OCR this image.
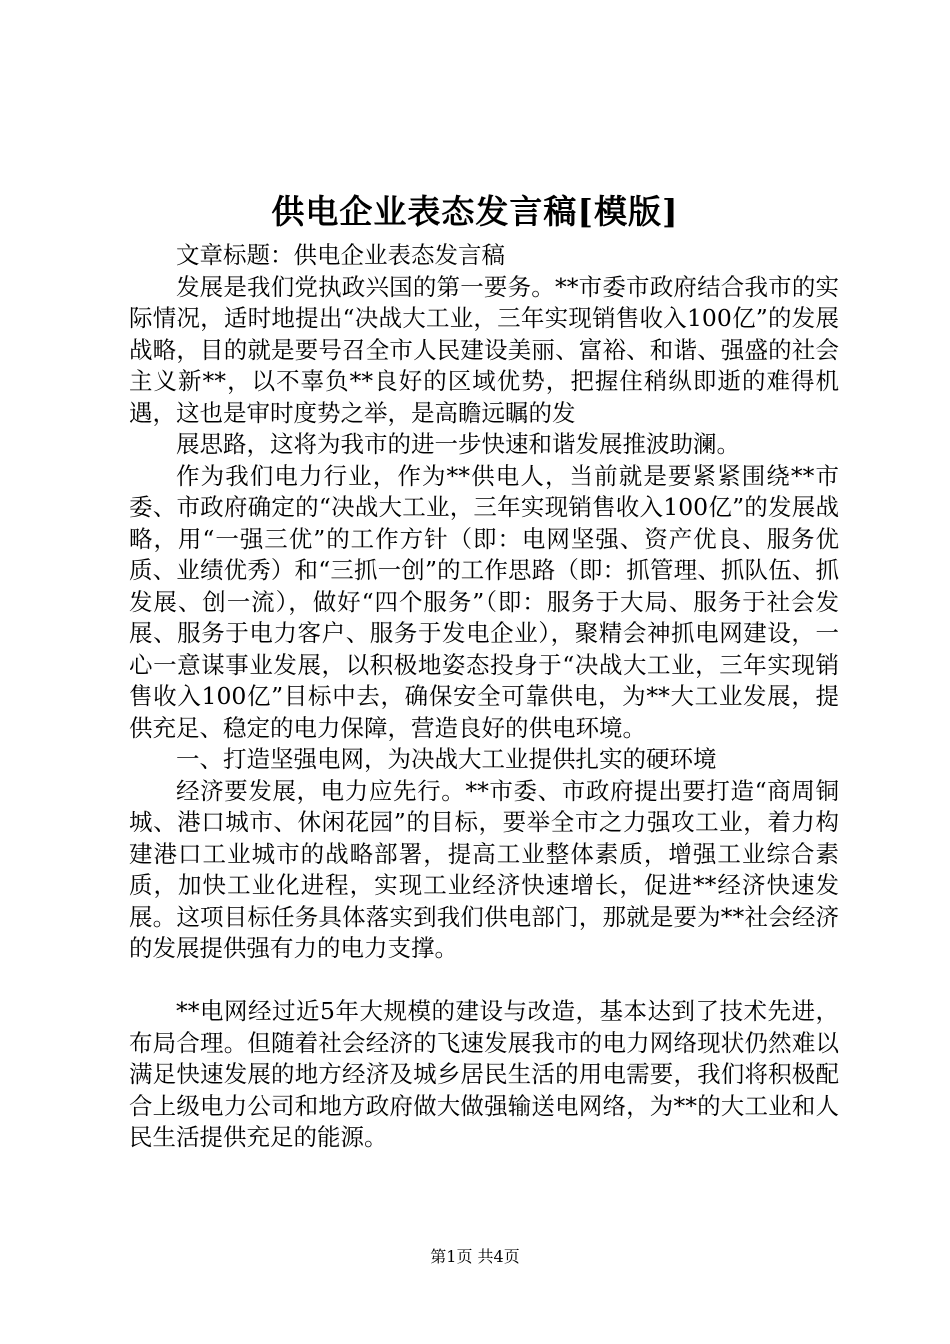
供电企业表态发言稿[模版]

文章标题：供电企业表态发言稿

发展是我们党执政兴国的第一要务。**市委市政府结合我市的实际情况，适时地提出“决战大工业，三年实现销售收入100亿”的发展战略，目的就是要号召全市人民建设美丽、富裕、和谐、强盛的社会主义新**，以不辜负**良好的区域优势，把握住稍纵即逝的难得机遇，这也是审时度势之举，是高瞻远瞩的发

展思路，这将为我市的进一步快速和谐发展推波助澜。

作为我们电力行业，作为**供电人，当前就是要紧紧围绕**市委、市政府确定的“决战大工业，三年实现销售收入100亿”的发展战略，用“一强三优”的工作方针（即：电网坚强、资产优良、服务优质、业绩优秀）和“三抓一创”的工作思路（即：抓管理、抓队伍、抓发展、创一流），做好“四个服务”（即：服务于大局、服务于社会发展、服务于电力客户、服务于发电企业），聚精会神抓电网建设，一心一意谋事业发展，以积极地姿态投身于“决战大工业，三年实现销售收入100亿”目标中去，确保安全可靠供电，为**大工业发展，提供充足、稳定的电力保障，营造良好的供电环境。

一、打造坚强电网，为决战大工业提供扎实的硬环境

经济要发展，电力应先行。**市委、市政府提出要打造“商周铜城、港口城市、休闲花园”的目标，要举全市之力强攻工业，着力构建港口工业城市的战略部署，提高工业整体素质，增强工业综合素质，加快工业化进程，实现工业经济快速增长，促进**经济快速发展。这项目标任务具体落实到我们供电部门，那就是要为**社会经济的发展提供强有力的电力支撑。

**电网经过近5年大规模的建设与改造，基本达到了技术先进，布局合理。但随着社会经济的飞速发展我市的电力网络现状仍然难以满足快速发展的地方经济及城乡居民生活的用电需要，我们将积极配合上级电力公司和地方政府做大做强输送电网络，为**的大工业和人民生活提供充足的能源。

第1页 共4页
